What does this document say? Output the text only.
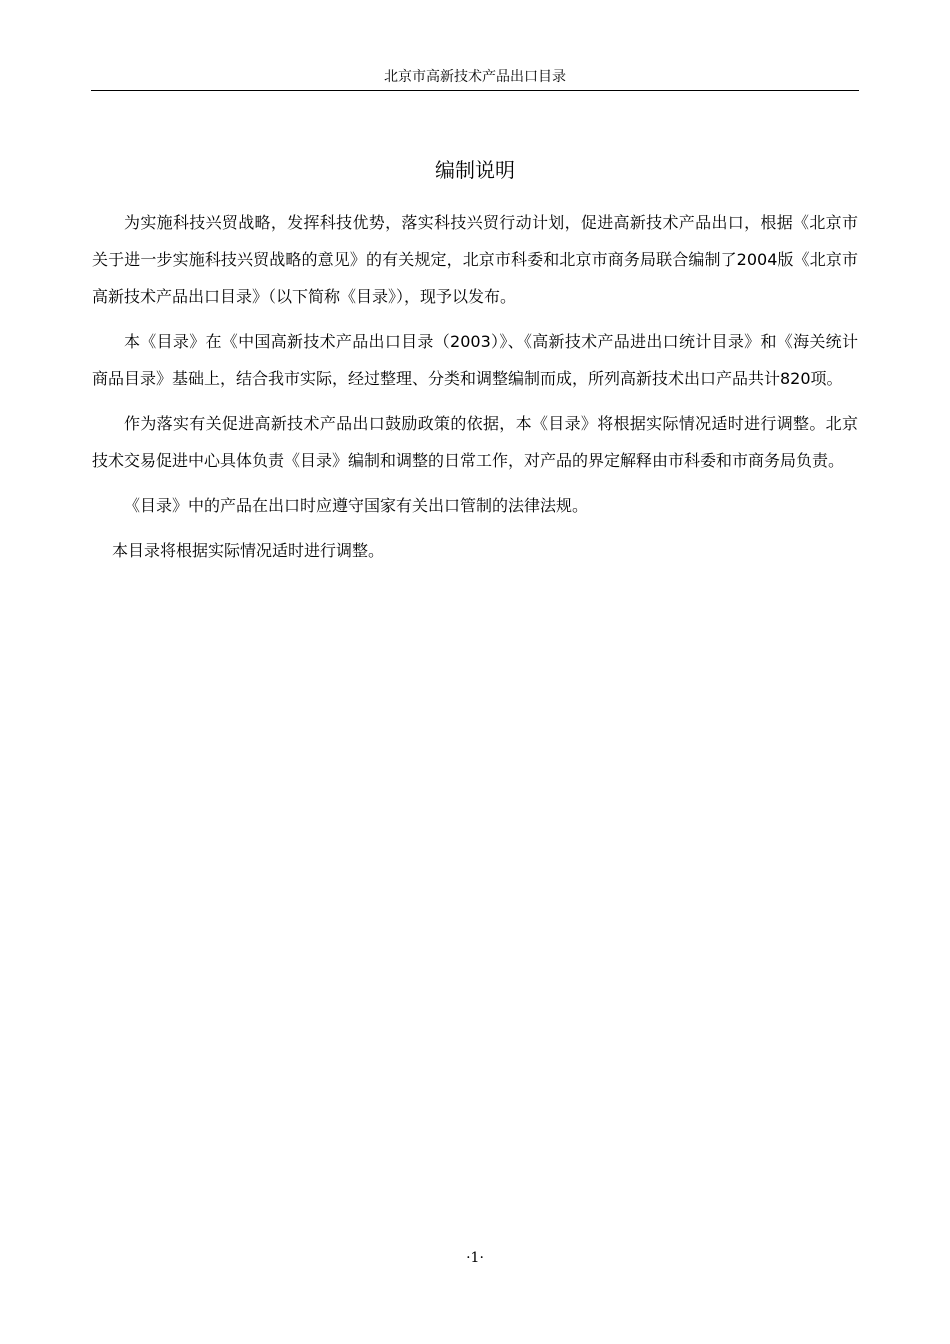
北京市高新技术产品出口目录
编制说明

为实施科技兴贸战略，发挥科技优势，落实科技兴贸行动计划，促进高新技术产品出口，根据《北京市关于进一步实施科技兴贸战略的意见》的有关规定，北京市科委和北京市商务局联合编制了2004版《北京市高新技术产品出口目录》（以下简称《目录》），现予以发布。

本《目录》在《中国高新技术产品出口目录（2003）》、《高新技术产品进出口统计目录》和《海关统计商品目录》基础上，结合我市实际，经过整理、分类和调整编制而成，所列高新技术出口产品共计820项。

作为落实有关促进高新技术产品出口鼓励政策的依据，本《目录》将根据实际情况适时进行调整。北京技术交易促进中心具体负责《目录》编制和调整的日常工作，对产品的界定解释由市科委和市商务局负责。

《目录》中的产品在出口时应遵守国家有关出口管制的法律法规。

本目录将根据实际情况适时进行调整。

·1·
